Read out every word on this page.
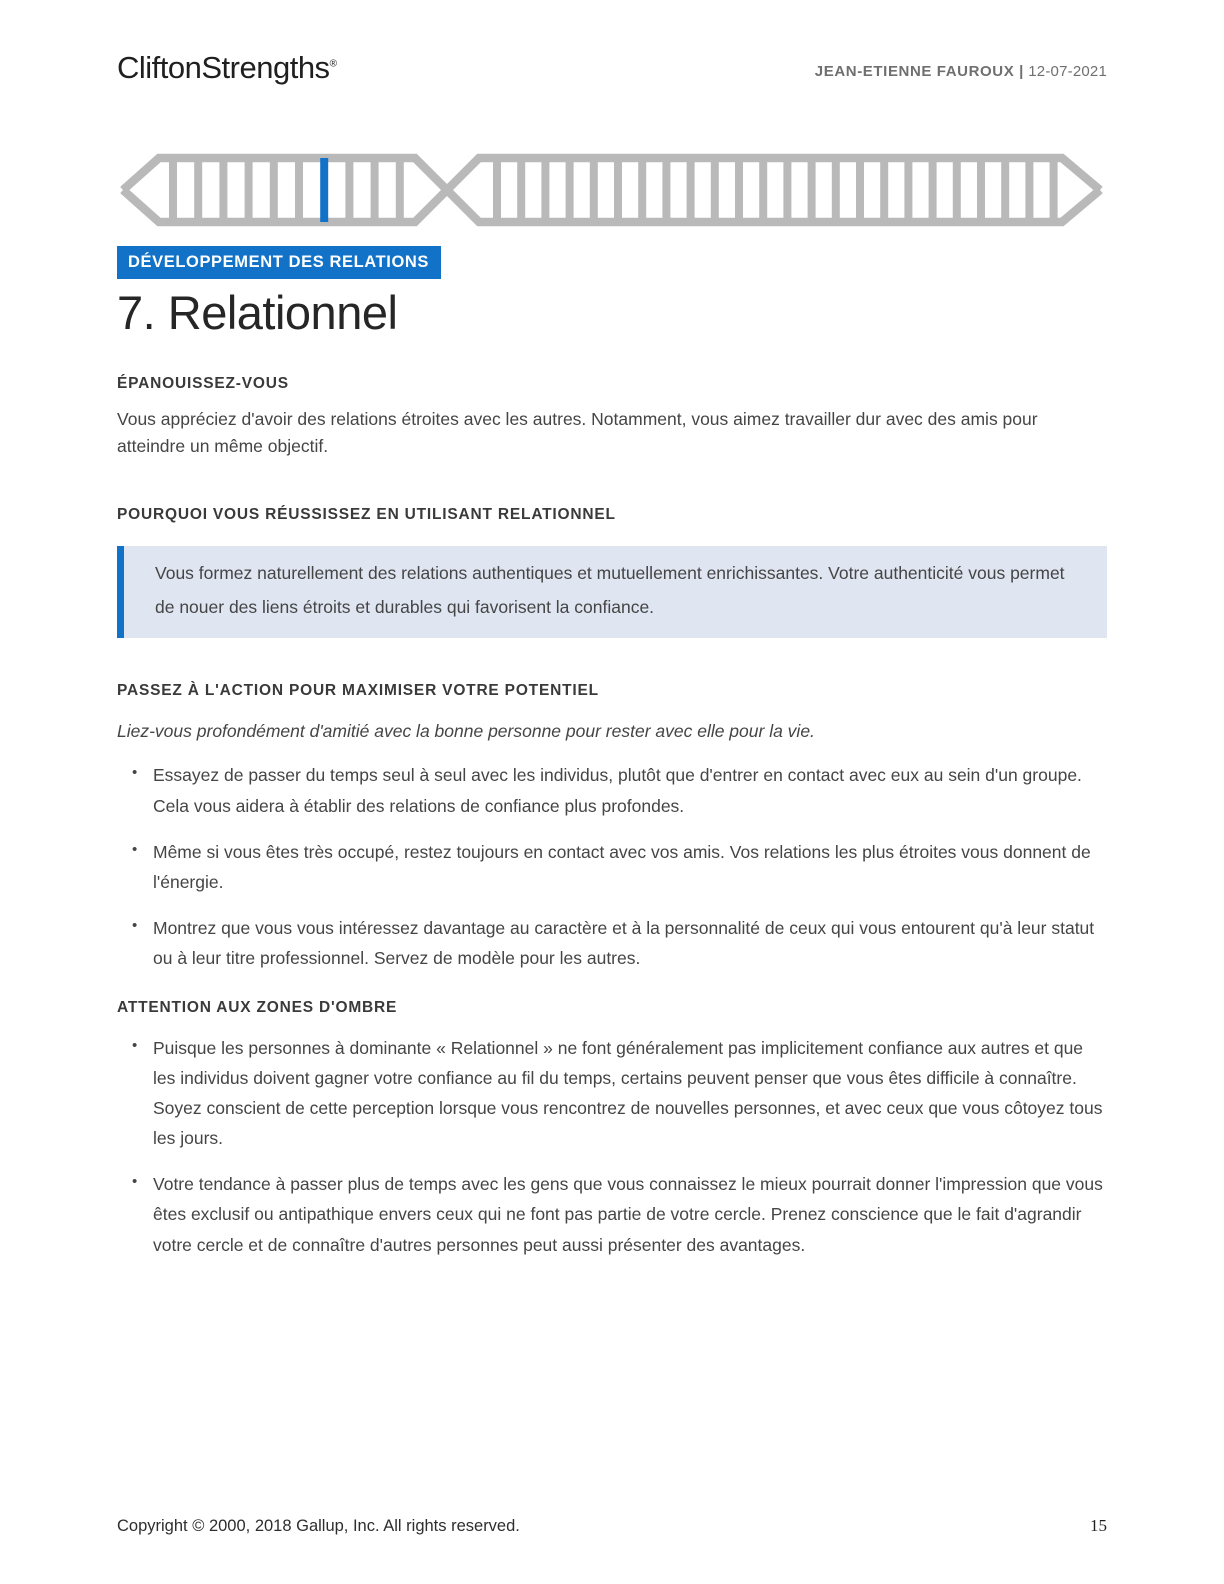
CliftonStrengths®	JEAN-ETIENNE FAUROUX | 12-07-2021
DÉVELOPPEMENT DES RELATIONS
7. Relationnel
ÉPANOUISSEZ-VOUS
Vous appréciez d'avoir des relations étroites avec les autres. Notamment, vous aimez travailler dur avec des amis pour atteindre un même objectif.
POURQUOI VOUS RÉUSSISSEZ EN UTILISANT RELATIONNEL
Vous formez naturellement des relations authentiques et mutuellement enrichissantes. Votre authenticité vous permet de nouer des liens étroits et durables qui favorisent la confiance.
PASSEZ À L'ACTION POUR MAXIMISER VOTRE POTENTIEL
Liez-vous profondément d'amitié avec la bonne personne pour rester avec elle pour la vie.
• Essayez de passer du temps seul à seul avec les individus, plutôt que d'entrer en contact avec eux au sein d'un groupe. Cela vous aidera à établir des relations de confiance plus profondes.
• Même si vous êtes très occupé, restez toujours en contact avec vos amis. Vos relations les plus étroites vous donnent de l'énergie.
• Montrez que vous vous intéressez davantage au caractère et à la personnalité de ceux qui vous entourent qu'à leur statut ou à leur titre professionnel. Servez de modèle pour les autres.
ATTENTION AUX ZONES D'OMBRE
• Puisque les personnes à dominante « Relationnel » ne font généralement pas implicitement confiance aux autres et que les individus doivent gagner votre confiance au fil du temps, certains peuvent penser que vous êtes difficile à connaître. Soyez conscient de cette perception lorsque vous rencontrez de nouvelles personnes, et avec ceux que vous côtoyez tous les jours.
• Votre tendance à passer plus de temps avec les gens que vous connaissez le mieux pourrait donner l'impression que vous êtes exclusif ou antipathique envers ceux qui ne font pas partie de votre cercle. Prenez conscience que le fait d'agrandir votre cercle et de connaître d'autres personnes peut aussi présenter des avantages.
Copyright © 2000, 2018 Gallup, Inc. All rights reserved.	15
